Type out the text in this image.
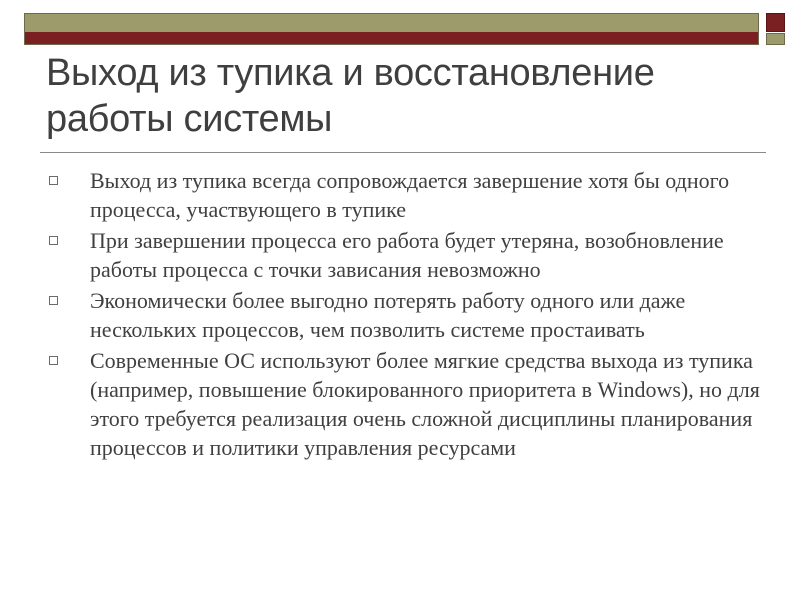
Выход из тупика и восстановление работы системы
Выход из тупика всегда сопровождается завершение хотя бы одного процесса, участвующего в тупике
При завершении процесса его работа будет утеряна, возобновление работы процесса с точки зависания невозможно
Экономически более выгодно потерять работу одного или даже нескольких процессов, чем позволить системе простаивать
Современные ОС используют более мягкие средства выхода из тупика (например, повышение блокированного приоритета в Windows), но для этого требуется реализация очень сложной дисциплины планирования процессов и политики управления ресурсами
